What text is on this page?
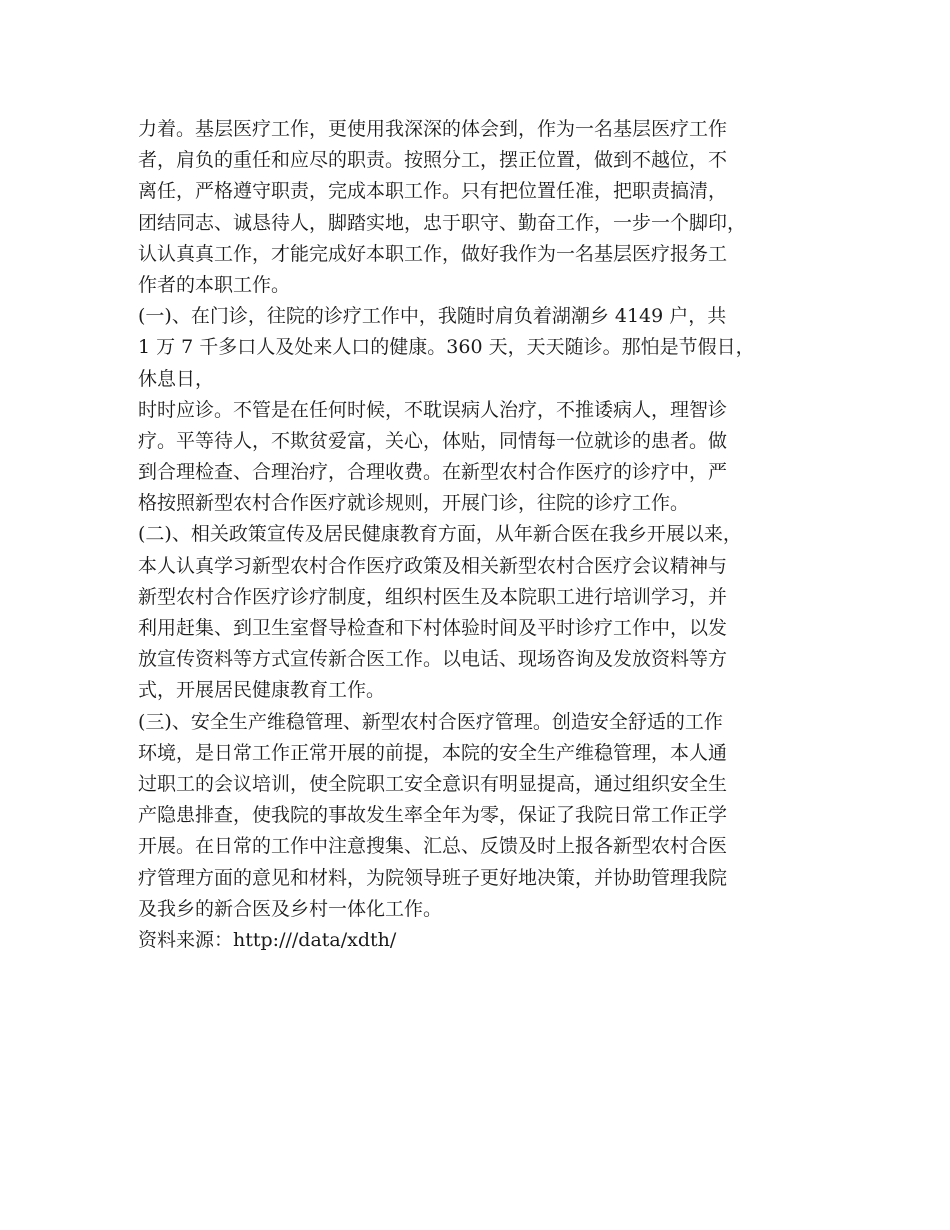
力着。基层医疗工作，更使用我深深的体会到，作为一名基层医疗工作
者，肩负的重任和应尽的职责。按照分工，摆正位置，做到不越位，不
离任，严格遵守职责，完成本职工作。只有把位置任准，把职责搞清，
团结同志、诚恳待人，脚踏实地，忠于职守、勤奋工作，一步一个脚印，
认认真真工作，才能完成好本职工作，做好我作为一名基层医疗报务工
作者的本职工作。
(一)、在门诊，往院的诊疗工作中，我随时肩负着湖潮乡 4149 户，共
1 万 7 千多口人及处来人口的健康。360 天，天天随诊。那怕是节假日，
休息日，
时时应诊。不管是在任何时候，不耽误病人治疗，不推诿病人，理智诊
疗。平等待人，不欺贫爱富，关心，体贴，同情每一位就诊的患者。做
到合理检查、合理治疗，合理收费。在新型农村合作医疗的诊疗中，严
格按照新型农村合作医疗就诊规则，开展门诊，往院的诊疗工作。
(二)、相关政策宣传及居民健康教育方面，从年新合医在我乡开展以来，
本人认真学习新型农村合作医疗政策及相关新型农村合医疗会议精神与
新型农村合作医疗诊疗制度，组织村医生及本院职工进行培训学习，并
利用赶集、到卫生室督导检查和下村体验时间及平时诊疗工作中，以发
放宣传资料等方式宣传新合医工作。以电话、现场咨询及发放资料等方
式，开展居民健康教育工作。
(三)、安全生产维稳管理、新型农村合医疗管理。创造安全舒适的工作
环境，是日常工作正常开展的前提，本院的安全生产维稳管理，本人通
过职工的会议培训，使全院职工安全意识有明显提高，通过组织安全生
产隐患排查，使我院的事故发生率全年为零，保证了我院日常工作正学
开展。在日常的工作中注意搜集、汇总、反馈及时上报各新型农村合医
疗管理方面的意见和材料，为院领导班子更好地决策，并协助管理我院
及我乡的新合医及乡村一体化工作。
资料来源：http:///data/xdth/
